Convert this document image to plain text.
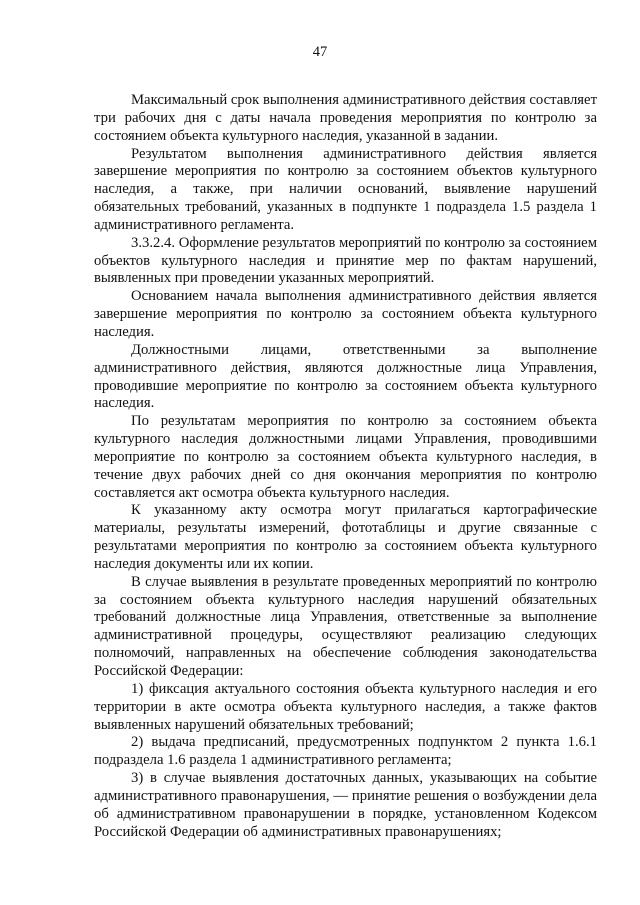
47

Максимальный срок выполнения административного действия составляет три рабочих дня с даты начала проведения мероприятия по контролю за состоянием объекта культурного наследия, указанной в задании.

Результатом выполнения административного действия является завершение мероприятия по контролю за состоянием объектов культурного наследия, а также, при наличии оснований, выявление нарушений обязательных требований, указанных в подпункте 1 подраздела 1.5 раздела 1 административного регламента.

3.3.2.4. Оформление результатов мероприятий по контролю за состоянием объектов культурного наследия и принятие мер по фактам нарушений, выявленных при проведении указанных мероприятий.

Основанием начала выполнения административного действия является завершение мероприятия по контролю за состоянием объекта культурного наследия.

Должностными лицами, ответственными за выполнение административного действия, являются должностные лица Управления, проводившие мероприятие по контролю за состоянием объекта культурного наследия.

По результатам мероприятия по контролю за состоянием объекта культурного наследия должностными лицами Управления, проводившими мероприятие по контролю за состоянием объекта культурного наследия, в течение двух рабочих дней со дня окончания мероприятия по контролю составляется акт осмотра объекта культурного наследия.

К указанному акту осмотра могут прилагаться картографические материалы, результаты измерений, фототаблицы и другие связанные с результатами мероприятия по контролю за состоянием объекта культурного наследия документы или их копии.

В случае выявления в результате проведенных мероприятий по контролю за состоянием объекта культурного наследия нарушений обязательных требований должностные лица Управления, ответственные за выполнение административной процедуры, осуществляют реализацию следующих полномочий, направленных на обеспечение соблюдения законодательства Российской Федерации:

1) фиксация актуального состояния объекта культурного наследия и его территории в акте осмотра объекта культурного наследия, а также фактов выявленных нарушений обязательных требований;

2) выдача предписаний, предусмотренных подпунктом 2 пункта 1.6.1 подраздела 1.6 раздела 1 административного регламента;

3) в случае выявления достаточных данных, указывающих на событие административного правонарушения, — принятие решения о возбуждении дела об административном правонарушении в порядке, установленном Кодексом Российской Федерации об административных правонарушениях;
